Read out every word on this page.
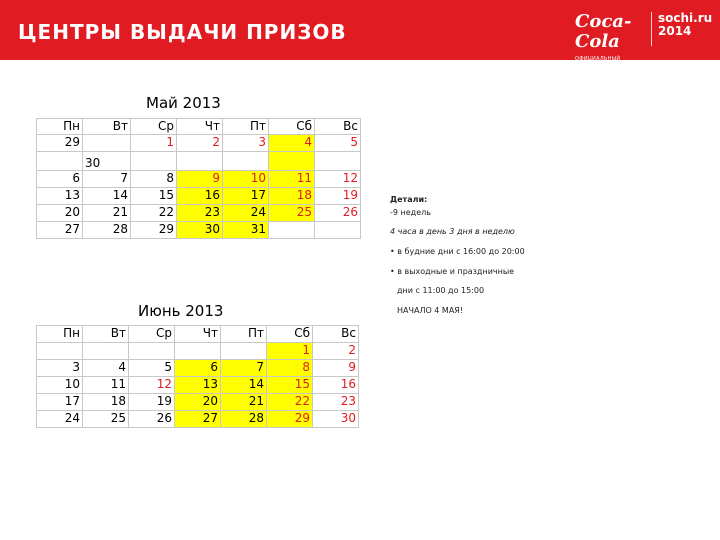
ЦЕНТРЫ ВЫДАЧИ ПРИЗОВ	Coca-Cola
ОФИЦИАЛЬНЫЙ ПАРТНЕР
sochi.ru
2014
Май 2013
Пн	Вт	Ср	Чт	Пт	Сб	Вс
29		1	2	3	4	5
	30					
6	7	8	9	10	11	12
13	14	15	16	17	18	19
20	21	22	23	24	25	26
27	28	29	30	31		
Июнь 2013
Пн	Вт	Ср	Чт	Пт	Сб	Вс
					1	2
3	4	5	6	7	8	9
10	11	12	13	14	15	16
17	18	19	20	21	22	23
24	25	26	27	28	29	30
Детали:
-9 недель
4 часа в день 3 дня в неделю
• в будние дни с 16:00 до 20:00
• в выходные и праздничные
дни с 11:00 до 15:00
НАЧАЛО 4 МАЯ!
